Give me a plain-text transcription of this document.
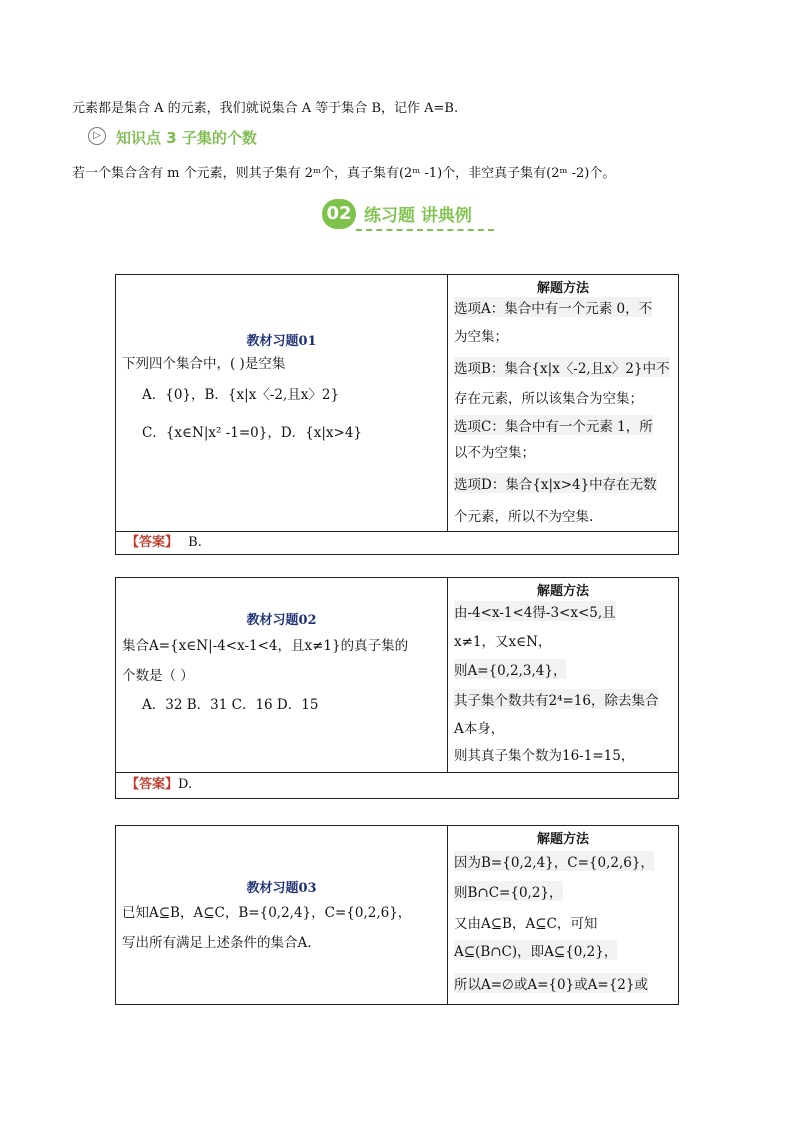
元素都是集合 A 的元素，我们就说集合 A 等于集合 B，记作 A=B.
▷	知识点 3 子集的个数
若一个集合含有 m 个元素，则其子集有 2ᵐ个，真子集有(2ᵐ -1)个，非空真子集有(2ᵐ -2)个。
02 练习题 讲典例
教材习题01
下列四个集合中，( )是空集
A．{0}，B．{x|x〈-2,且x〉2}
C．{x∈N|x² -1=0}，D．{x|x>4}
解题方法
选项A：集合中有一个元素 0，不
为空集；
选项B：集合{x|x〈-2,且x〉2}中不
存在元素，所以该集合为空集；
选项C：集合中有一个元素 1，所
以不为空集；
选项D：集合{x|x>4}中存在无数
个元素，所以不为空集.
【答案】 B.
教材习题02
集合A={x∈N|-4<x-1<4，且x≠1}的真子集的
个数是（ ）
A．32 B．31 C．16 D．15
解题方法
由-4<x-1<4得-3<x<5,且
x≠1，又x∈N，
则A={0,2,3,4}，
其子集个数共有2⁴=16，除去集合
A本身，
则其真子集个数为16-1=15，
【答案】D.
教材习题03
已知A⊆B，A⊆C，B={0,2,4}，C={0,2,6}，
写出所有满足上述条件的集合A.
解题方法
因为B={0,2,4}，C={0,2,6}，
则B∩C={0,2}，
又由A⊆B，A⊆C，可知
A⊆(B∩C)，即A⊆{0,2}，
所以A=∅或A={0}或A={2}或
